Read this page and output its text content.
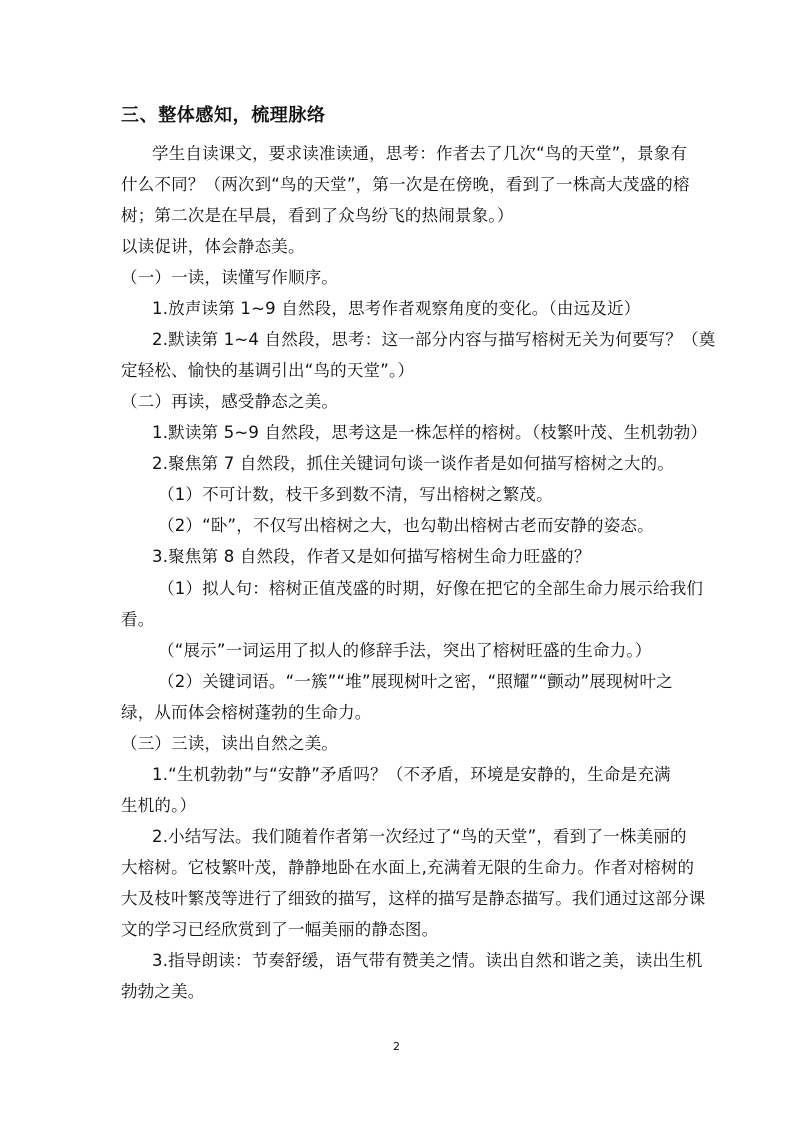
三、整体感知，梳理脉络
学生自读课文，要求读准读通，思考：作者去了几次“鸟的天堂”，景象有
什么不同？（两次到“鸟的天堂”，第一次是在傍晚，看到了一株高大茂盛的榕
树；第二次是在早晨，看到了众鸟纷飞的热闹景象。）
以读促讲，体会静态美。
（一）一读，读懂写作顺序。
1.放声读第 1~9 自然段，思考作者观察角度的变化。（由远及近）
2.默读第 1~4 自然段，思考：这一部分内容与描写榕树无关为何要写？（奠
定轻松、愉快的基调引出“鸟的天堂”。）
（二）再读，感受静态之美。
1.默读第 5~9 自然段，思考这是一株怎样的榕树。（枝繁叶茂、生机勃勃）
2.聚焦第 7 自然段，抓住关键词句谈一谈作者是如何描写榕树之大的。
（1）不可计数，枝干多到数不清，写出榕树之繁茂。
（2）“卧”，不仅写出榕树之大，也勾勒出榕树古老而安静的姿态。
3.聚焦第 8 自然段，作者又是如何描写榕树生命力旺盛的？
（1）拟人句：榕树正值茂盛的时期，好像在把它的全部生命力展示给我们
看。
（“展示”一词运用了拟人的修辞手法，突出了榕树旺盛的生命力。）
（2）关键词语。“一簇”“堆”展现树叶之密，“照耀”“颤动”展现树叶之
绿，从而体会榕树蓬勃的生命力。
（三）三读，读出自然之美。
1.“生机勃勃”与“安静”矛盾吗？（不矛盾，环境是安静的，生命是充满
生机的。）
2.小结写法。我们随着作者第一次经过了“鸟的天堂”，看到了一株美丽的
大榕树。它枝繁叶茂，静静地卧在水面上,充满着无限的生命力。作者对榕树的
大及枝叶繁茂等进行了细致的描写，这样的描写是静态描写。我们通过这部分课
文的学习已经欣赏到了一幅美丽的静态图。
3.指导朗读：节奏舒缓，语气带有赞美之情。读出自然和谐之美，读出生机
勃勃之美。
2
